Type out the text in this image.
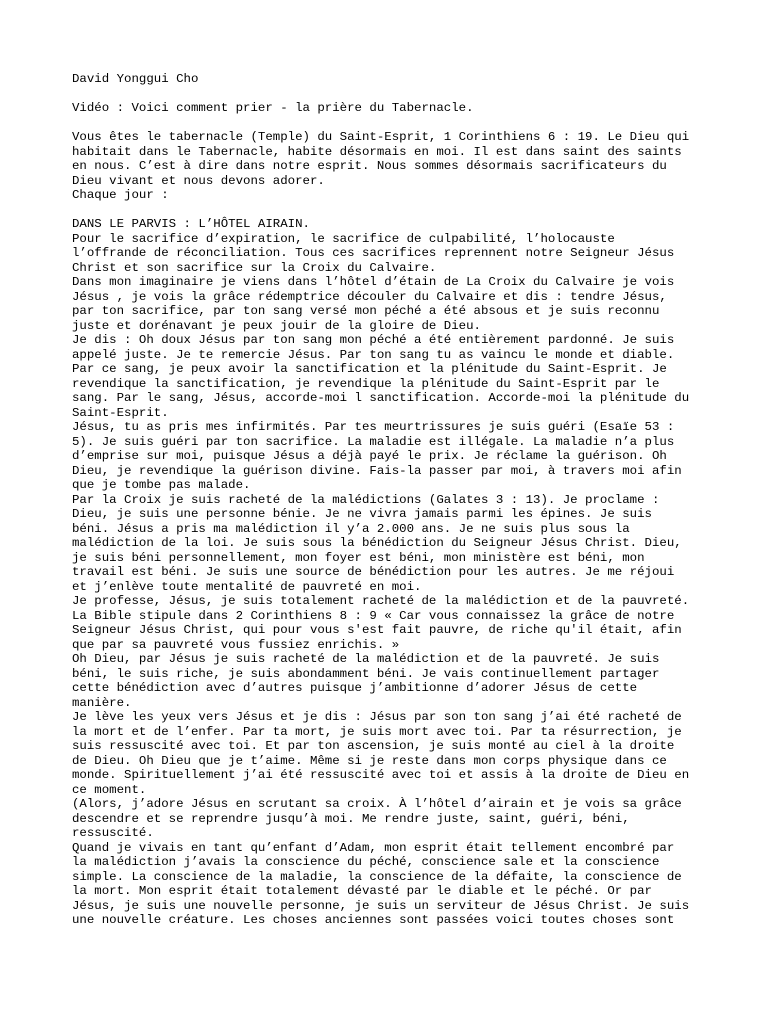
David Yonggui Cho
Vidéo : Voici comment prier - la prière du Tabernacle.
Vous êtes le tabernacle (Temple) du Saint-Esprit, 1 Corinthiens 6 : 19. Le Dieu qui
habitait dans le Tabernacle, habite désormais en moi. Il est dans saint des saints
en nous. C’est à dire dans notre esprit. Nous sommes désormais sacrificateurs du
Dieu vivant et nous devons adorer.
Chaque jour :
DANS LE PARVIS : L’HÔTEL AIRAIN.
Pour le sacrifice d’expiration, le sacrifice de culpabilité, l’holocauste
l’offrande de réconciliation. Tous ces sacrifices reprennent notre Seigneur Jésus
Christ et son sacrifice sur la Croix du Calvaire.
Dans mon imaginaire je viens dans l’hôtel d’étain de La Croix du Calvaire je vois
Jésus , je vois la grâce rédemptrice découler du Calvaire et dis : tendre Jésus,
par ton sacrifice, par ton sang versé mon péché a été absous et je suis reconnu
juste et dorénavant je peux jouir de la gloire de Dieu.
Je dis : Oh doux Jésus par ton sang mon péché a été entièrement pardonné. Je suis
appelé juste. Je te remercie Jésus. Par ton sang tu as vaincu le monde et diable.
Par ce sang, je peux avoir la sanctification et la plénitude du Saint-Esprit. Je
revendique la sanctification, je revendique la plénitude du Saint-Esprit par le
sang. Par le sang, Jésus, accorde-moi l sanctification. Accorde-moi la plénitude du
Saint-Esprit.
Jésus, tu as pris mes infirmités. Par tes meurtrissures je suis guéri (Esaïe 53 :
5). Je suis guéri par ton sacrifice. La maladie est illégale. La maladie n’a plus
d’emprise sur moi, puisque Jésus a déjà payé le prix. Je réclame la guérison. Oh
Dieu, je revendique la guérison divine. Fais-la passer par moi, à travers moi afin
que je tombe pas malade.
Par la Croix je suis racheté de la malédictions (Galates 3 : 13). Je proclame :
Dieu, je suis une personne bénie. Je ne vivra jamais parmi les épines. Je suis
béni. Jésus a pris ma malédiction il y’a 2.000 ans. Je ne suis plus sous la
malédiction de la loi. Je suis sous la bénédiction du Seigneur Jésus Christ. Dieu,
je suis béni personnellement, mon foyer est béni, mon ministère est béni, mon
travail est béni. Je suis une source de bénédiction pour les autres. Je me réjoui
et j’enlève toute mentalité de pauvreté en moi.
Je professe, Jésus, je suis totalement racheté de la malédiction et de la pauvreté.
La Bible stipule dans 2 Corinthiens 8 : 9 « Car vous connaissez la grâce de notre
Seigneur Jésus Christ, qui pour vous s'est fait pauvre, de riche qu'il était, afin
que par sa pauvreté vous fussiez enrichis. »
Oh Dieu, par Jésus je suis racheté de la malédiction et de la pauvreté. Je suis
béni, le suis riche, je suis abondamment béni. Je vais continuellement partager
cette bénédiction avec d’autres puisque j’ambitionne d’adorer Jésus de cette
manière.
Je lève les yeux vers Jésus et je dis : Jésus par son ton sang j’ai été racheté de
la mort et de l’enfer. Par ta mort, je suis mort avec toi. Par ta résurrection, je
suis ressuscité avec toi. Et par ton ascension, je suis monté au ciel à la droite
de Dieu. Oh Dieu que je t’aime. Même si je reste dans mon corps physique dans ce
monde. Spirituellement j’ai été ressuscité avec toi et assis à la droite de Dieu en
ce moment.
(Alors, j’adore Jésus en scrutant sa croix. À l’hôtel d’airain et je vois sa grâce
descendre et se reprendre jusqu’à moi. Me rendre juste, saint, guéri, béni,
ressuscité.
Quand je vivais en tant qu’enfant d’Adam, mon esprit était tellement encombré par
la malédiction j’avais la conscience du péché, conscience sale et la conscience
simple. La conscience de la maladie, la conscience de la défaite, la conscience de
la mort. Mon esprit était totalement dévasté par le diable et le péché. Or par
Jésus, je suis une nouvelle personne, je suis un serviteur de Jésus Christ. Je suis
une nouvelle créature. Les choses anciennes sont passées voici toutes choses sont
